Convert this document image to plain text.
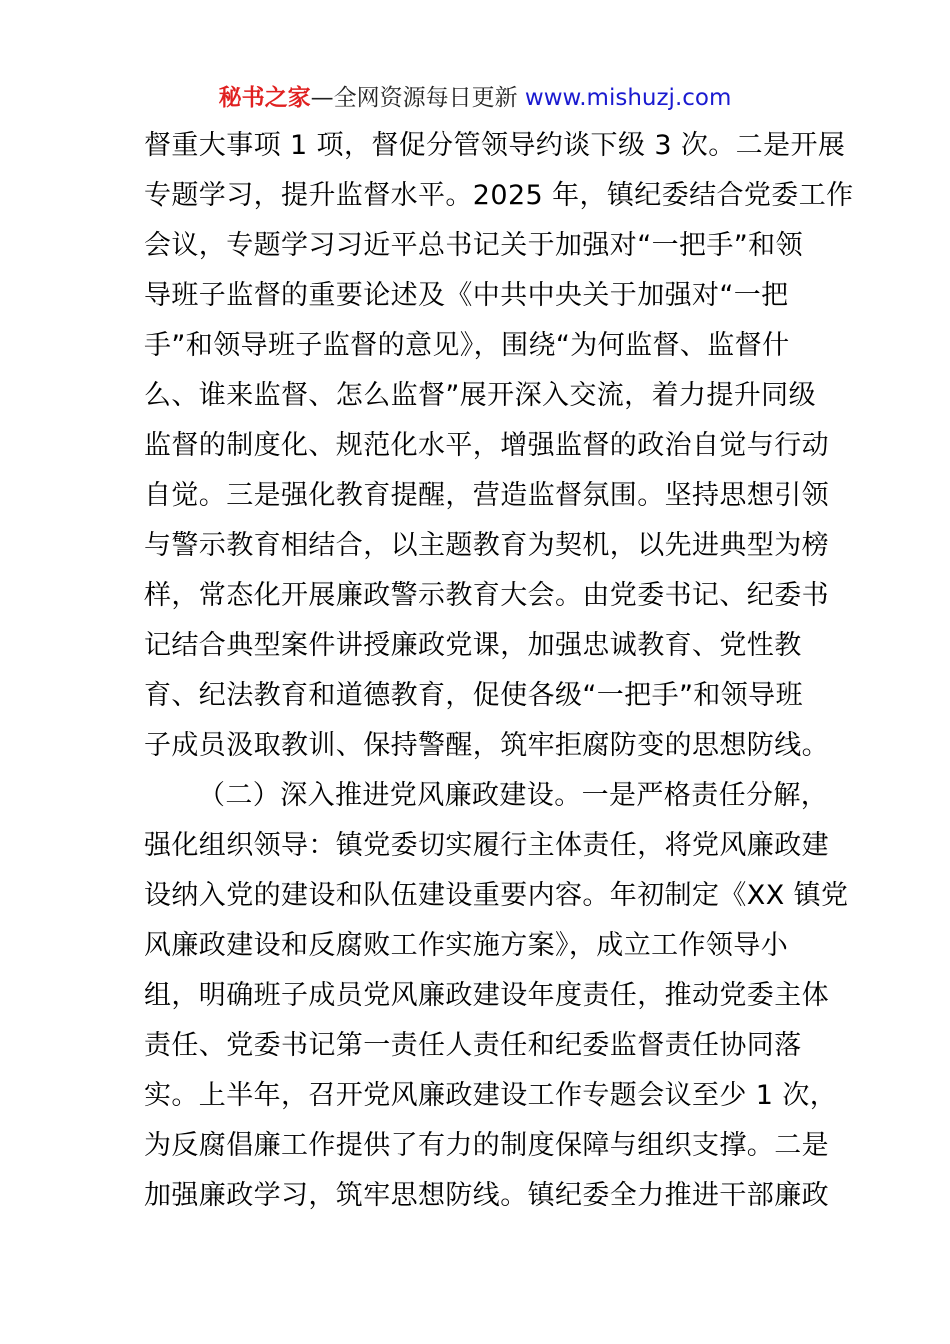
秘书之家—全网资源每日更新 www.mishuzj.com
督重大事项 1 项，督促分管领导约谈下级 3 次。二是开展
专题学习，提升监督水平。2025 年，镇纪委结合党委工作
会议，专题学习习近平总书记关于加强对“一把手”和领
导班子监督的重要论述及《中共中央关于加强对“一把
手”和领导班子监督的意见》，围绕“为何监督、监督什
么、谁来监督、怎么监督”展开深入交流，着力提升同级
监督的制度化、规范化水平，增强监督的政治自觉与行动
自觉。三是强化教育提醒，营造监督氛围。坚持思想引领
与警示教育相结合，以主题教育为契机，以先进典型为榜
样，常态化开展廉政警示教育大会。由党委书记、纪委书
记结合典型案件讲授廉政党课，加强忠诚教育、党性教
育、纪法教育和道德教育，促使各级“一把手”和领导班
子成员汲取教训、保持警醒，筑牢拒腐防变的思想防线。
（二）深入推进党风廉政建设。一是严格责任分解，
强化组织领导：镇党委切实履行主体责任，将党风廉政建
设纳入党的建设和队伍建设重要内容。年初制定《XX 镇党
风廉政建设和反腐败工作实施方案》，成立工作领导小
组，明确班子成员党风廉政建设年度责任，推动党委主体
责任、党委书记第一责任人责任和纪委监督责任协同落
实。上半年，召开党风廉政建设工作专题会议至少 1 次，
为反腐倡廉工作提供了有力的制度保障与组织支撑。二是
加强廉政学习，筑牢思想防线。镇纪委全力推进干部廉政
